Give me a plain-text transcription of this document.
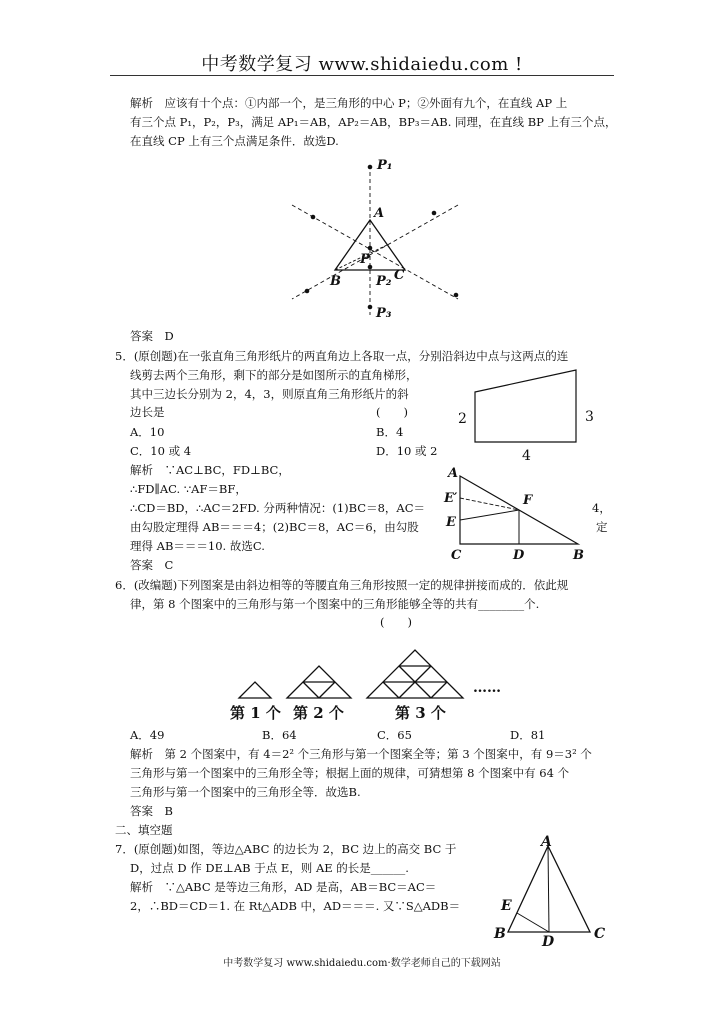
中考数学复习 www.shidaiedu.com !
解析　应该有十个点：①内部一个，是三角形的中心 P；②外面有九个，在直线 AP 上
有三个点 P₁，P₂，P₃，满足 AP₁＝AB，AP₂＝AB，BP₃＝AB. 同理，在直线 BP 上有三个点，
在直线 CP 上有三个点满足条件．故选D.
P₁
A
P
B	C
P₂
P₃
答案　D
5．(原创题)在一张直角三角形纸片的两直角边上各取一点，分别沿斜边中点与这两点的连
线剪去两个三角形，剩下的部分是如图所示的直角梯形，
其中三边长分别为 2，4，3，则原直角三角形纸片的斜
边长是	(　　)
A．10	B．4
C．10 或 4	D．10 或 2
2	3
4
解析　∵AC⊥BC，FD⊥BC，
∴FD∥AC. ∵AF＝BF，
∴CD＝BD，∴AC＝2FD. 分两种情况：(1)BC＝8，AC＝	4，
由勾股定理得 AB＝＝＝4；(2)BC＝8，AC＝6，由勾股	定
理得 AB＝＝＝10. 故选C.
答案　C
A
E′	F
E
C	D	B
6．(改编题)下列图案是由斜边相等的等腰直角三角形按照一定的规律拼接而成的．依此规
律，第 8 个图案中的三角形与第一个图案中的三角形能够全等的共有________个.
(　　)
……
第 1 个 第 2 个	第 3 个
A．49	B．64	C．65	D．81
解析　第 2 个图案中，有 4＝2² 个三角形与第一个图案全等；第 3 个图案中，有 9＝3² 个
三角形与第一个图案中的三角形全等；根据上面的规律，可猜想第 8 个图案中有 64 个
三角形与第一个图案中的三角形全等．故选B.
答案　B
二、填空题
7．(原创题)如图，等边△ABC 的边长为 2，BC 边上的高交 BC 于
D，过点 D 作 DE⊥AB 于点 E，则 AE 的长是______.
解析　∵△ABC 是等边三角形，AD 是高，AB＝BC＝AC＝
2，∴BD＝CD＝1. 在 Rt△ADB 中，AD＝＝＝. 又∵S△ADB＝
A
E
B	D	C
中考数学复习 www.shidaiedu.com·数学老师自己的下载网站
